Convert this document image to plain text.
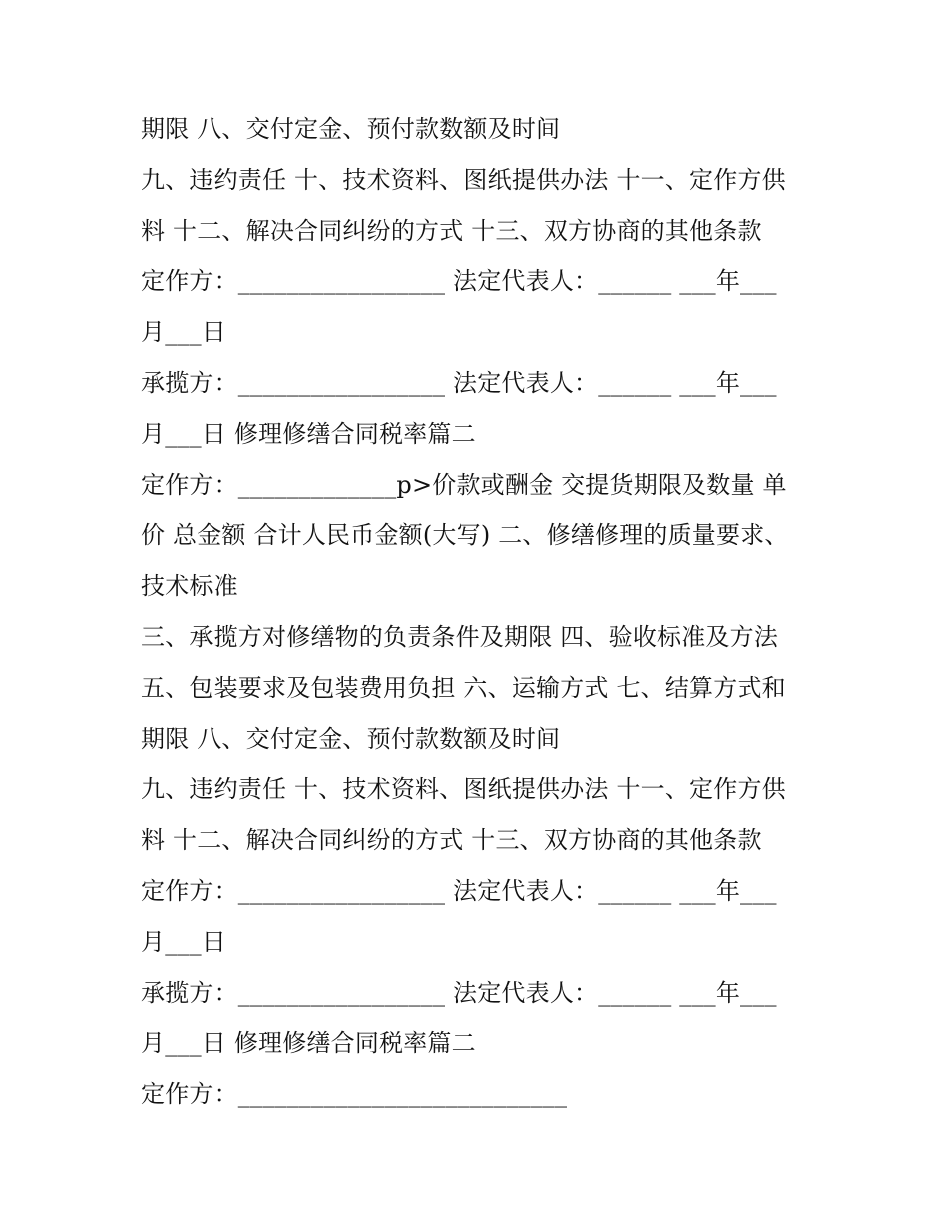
期限 八、交付定金、预付款数额及时间
九、违约责任 十、技术资料、图纸提供办法 十一、定作方供
料 十二、解决合同纠纷的方式 十三、双方协商的其他条款
定作方：_________________ 法定代表人：______ ___年___
月___日
承揽方：_________________ 法定代表人：______ ___年___
月___日 修理修缮合同税率篇二
定作方：_____________p>价款或酬金 交提货期限及数量 单
价 总金额 合计人民币金额(大写) 二、修缮修理的质量要求、
技术标准
三、承揽方对修缮物的负责条件及期限 四、验收标准及方法
五、包装要求及包装费用负担 六、运输方式 七、结算方式和
期限 八、交付定金、预付款数额及时间
九、违约责任 十、技术资料、图纸提供办法 十一、定作方供
料 十二、解决合同纠纷的方式 十三、双方协商的其他条款
定作方：_________________ 法定代表人：______ ___年___
月___日
承揽方：_________________ 法定代表人：______ ___年___
月___日 修理修缮合同税率篇二
定作方：___________________________
